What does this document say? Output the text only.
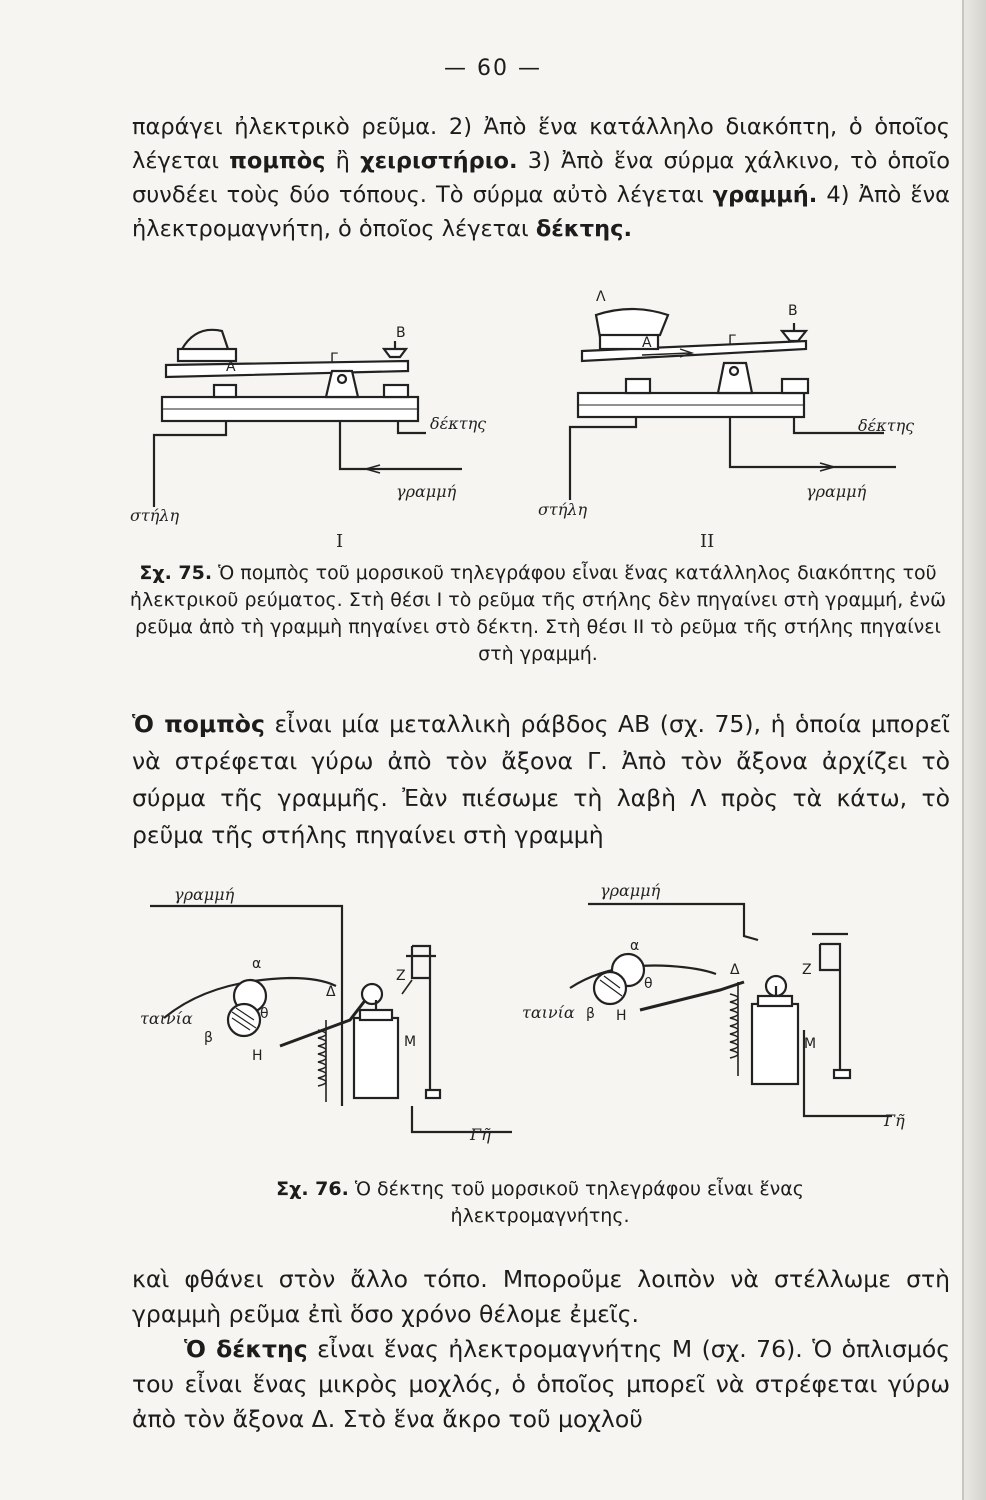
— 60 —

παράγει ἠλεκτρικὸ ρεῦμα. 2) Ἀπὸ ἕνα κατάλληλο διακόπτη, ὁ ὁποῖος λέγεται πομπὸς ἢ χειριστήριο. 3) Ἀπὸ ἕνα σύρμα χάλκινο, τὸ ὁποῖο συνδέει τοὺς δύο τόπους. Τὸ σύρμα αὐτὸ λέγεται γραμμή. 4) Ἀπὸ ἕνα ἠλεκτρομαγνήτη, ὁ ὁποῖος λέγεται δέκτης.

A	Γ
B
δέκτης
γραμμή
στήλη
I
Λ
A	Γ
B
δέκτης
γραμμή
στήλη
II

Σχ. 75. Ὁ πομπὸς τοῦ μορσικοῦ τηλεγράφου εἶναι ἕνας κατάλληλος διακόπτης τοῦ ἠλεκτρικοῦ ρεύματος. Στὴ θέσι I τὸ ρεῦμα τῆς στήλης δὲν πηγαίνει στὴ γραμμή, ἐνῶ ρεῦμα ἀπὸ τὴ γραμμὴ πηγαίνει στὸ δέκτη. Στὴ θέσι II τὸ ρεῦμα τῆς στήλης πηγαίνει στὴ γραμμή.

Ὁ πομπὸς εἶναι μία μεταλλικὴ ράβδος ΑΒ (σχ. 75), ἡ ὁποία μπορεῖ νὰ στρέφεται γύρω ἀπὸ τὸν ἄξονα Γ. Ἀπὸ τὸν ἄξονα ἀρχίζει τὸ σύρμα τῆς γραμμῆς. Ἐὰν πιέσωμε τὴ λαβὴ Λ πρὸς τὰ κάτω, τὸ ρεῦμα τῆς στήλης πηγαίνει στὴ γραμμὴ

γραμμή
ταινία
Γῆ
α
β
θ
Η
Δ
Ζ
Μ
γραμμή
ταινία
Γῆ
α
β
θ
Η
Δ	Ζ
Μ

Σχ. 76. Ὁ δέκτης τοῦ μορσικοῦ τηλεγράφου εἶναι ἕνας ἠλεκτρομαγνήτης.

καὶ φθάνει στὸν ἄλλο τόπο. Μποροῦμε λοιπὸν νὰ στέλλωμε στὴ γραμμὴ ρεῦμα ἐπὶ ὅσο χρόνο θέλομε ἐμεῖς.

Ὁ δέκτης εἶναι ἕνας ἠλεκτρομαγνήτης Μ (σχ. 76). Ὁ ὁπλισμός του εἶναι ἕνας μικρὸς μοχλός, ὁ ὁποῖος μπορεῖ νὰ στρέφεται γύρω ἀπὸ τὸν ἄξονα Δ. Στὸ ἕνα ἄκρο τοῦ μοχλοῦ
